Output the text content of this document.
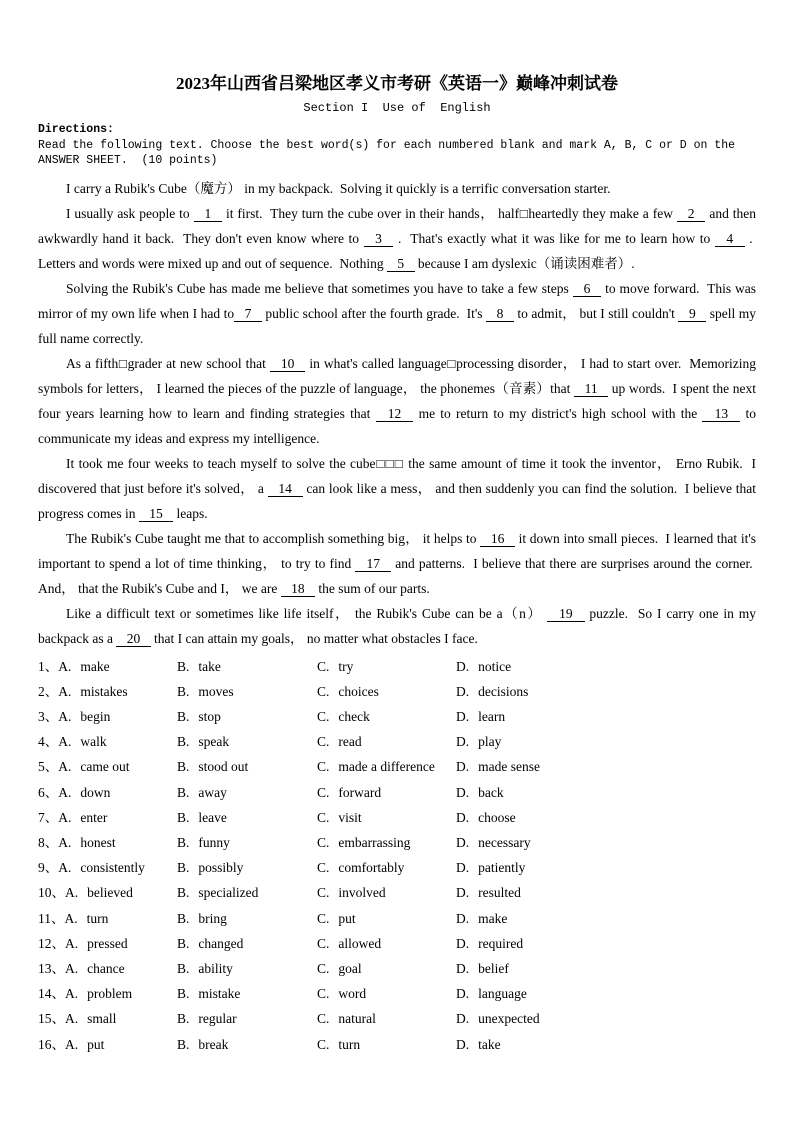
2023年山西省吕梁地区孝义市考研《英语一》巅峰冲刺试卷
Section I  Use of  English
Directions:
Read the following text. Choose the best word(s) for each numbered blank and mark A, B, C or D on the
ANSWER SHEET.  (10 points)

I carry a Rubik's Cube（魔方） in my backpack.  Solving it quickly is a terrific conversation starter.

I usually ask people to  1  it first.  They turn the cube over in their hands， half□heartedly they make a few  2  and then awkwardly hand it back.  They don't even know where to  3  .  That's exactly what it was like for me to learn how to  4  .  Letters and words were mixed up and out of sequence.  Nothing  5  because I am dyslexic（诵读困难者）.

Solving the Rubik's Cube has made me believe that sometimes you have to take a few steps  6  to move forward.  This was mirror of my own life when I had to 7  public school after the fourth grade.  It's  8  to admit， but I still couldn't  9  spell my full name correctly.

As a fifth□grader at new school that  10  in what's called language□processing disorder， I had to start over.  Memorizing symbols for letters， I learned the pieces of the puzzle of language， the phonemes（音素）that  11  up words.  I spent the next four years learning how to learn and finding strategies that  12  me to return to my district's high school with the  13  to communicate my ideas and express my intelligence.

It took me four weeks to teach myself to solve the cube□□□ the same amount of time it took the inventor， Erno Rubik.  I discovered that just before it's solved， a  14  can look like a mess， and then suddenly you can find the solution.  I believe that progress comes in  15  leaps.

The Rubik's Cube taught me that to accomplish something big， it helps to  16  it down into small pieces.  I learned that it's important to spend a lot of time thinking， to try to find  17  and patterns.  I believe that there are surprises around the corner.  And， that the Rubik's Cube and I， we are  18  the sum of our parts.

Like a difficult text or sometimes like life itself， the Rubik's Cube can be a（n）  19  puzzle.  So I carry one in my backpack as a  20  that I can attain my goals， no matter what obstacles I face.

1、A. make	B. take	C. try	D. notice
2、A. mistakes	B. moves	C. choices	D. decisions
3、A. begin	B. stop	C. check	D. learn
4、A. walk	B. speak	C. read	D. play
5、A. came out	B. stood out	C. made a difference	D. made sense
6、A. down	B. away	C. forward	D. back
7、A. enter	B. leave	C. visit	D. choose
8、A. honest	B. funny	C. embarrassing	D. necessary
9、A. consistently	B. possibly	C. comfortably	D. patiently
10、A. believed	B. specialized	C. involved	D. resulted
11、A. turn	B. bring	C. put	D. make
12、A. pressed	B. changed	C. allowed	D. required
13、A. chance	B. ability	C. goal	D. belief
14、A. problem	B. mistake	C. word	D. language
15、A. small	B. regular	C. natural	D. unexpected
16、A. put	B. break	C. turn	D. take
